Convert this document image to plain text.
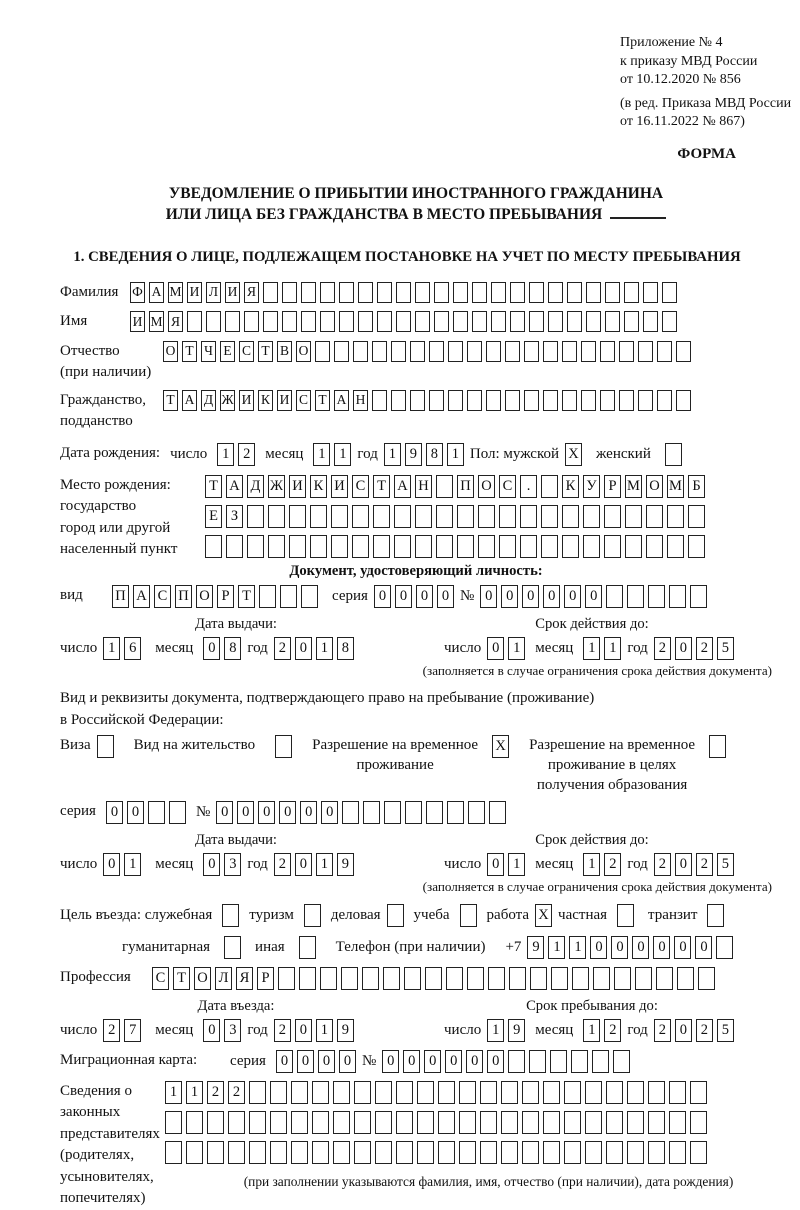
Приложение № 4
к приказу МВД России
от 10.12.2020 № 856
(в ред. Приказа МВД России
от 16.11.2022 № 867)
ФОРМА
УВЕДОМЛЕНИЕ О ПРИБЫТИИ ИНОСТРАННОГО ГРАЖДАНИНА
ИЛИ ЛИЦА БЕЗ ГРАЖДАНСТВА В МЕСТО ПРЕБЫВАНИЯ
1. СВЕДЕНИЯ О ЛИЦЕ, ПОДЛЕЖАЩЕМ ПОСТАНОВКЕ НА УЧЕТ ПО МЕСТУ ПРЕБЫВАНИЯ
Фамилия	Ф А М И Л И Я
Имя	И М Я
Отчество
(при наличии)
О Т Ч Е С Т В О
Гражданство,
подданство
Т А Д Ж И К И С Т А Н
Дата рождения: число	1 2 месяц	1 1 год 1 9 8 1 Пол: мужской X женский
Место рождения:
государство
город или другой
населенный пункт
Т А Д Ж И К И С Т А Н П О С .	К У Р М О М Б
Е З
Документ, удостоверяющий личность:
вид	П А С П О Р Т	серия 0 0 0 0 № 0 0 0 0 0 0
Дата выдачи:
число 1 6	месяц	0 8 год 2 0 1 8
Срок действия до:
число 0 1 месяц	1 1 год 2 0 2 5
(заполняется в случае ограничения срока действия документа)
Вид и реквизиты документа, подтверждающего право на пребывание (проживание)
в Российской Федерации:
Виза	Вид на жительство	Разрешение на временное
проживание
X Разрешение на временное
проживание в целях
получения образования
серия	0 0	№ 0 0 0 0 0 0
Дата выдачи:
число 0 1	месяц	0 3 год 2 0 1 9
Срок действия до:
число 0 1 месяц	1 2 год 2 0 2 5
(заполняется в случае ограничения срока действия документа)
Цель въезда: служебная туризм деловая учеба работа X частная	транзит
гуманитарная	иная	Телефон (при наличии) +7 9 1 1 0 0 0 0 0 0
Профессия	С Т О Л Я Р
Дата въезда:
число 2 7	месяц	0 3 год 2 0 1 9
Срок пребывания до:
число 1 9 месяц	1 2 год 2 0 2 5
Миграционная карта:	серия	0 0 0 0 № 0 0 0 0 0 0
Сведения о
законных
представителях
(родителях,
усыновителях,
попечителях)
1 1 2 2
(при заполнении указываются фамилия, имя, отчество (при наличии), дата рождения)
